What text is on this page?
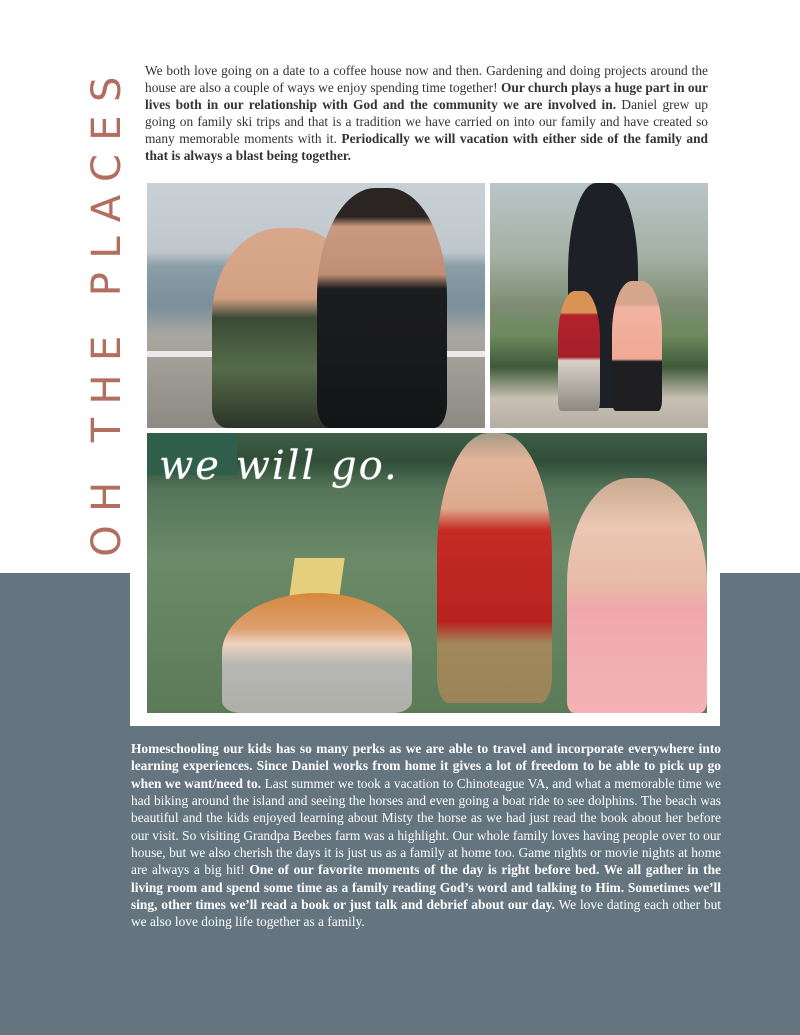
OH THE PLACES We both love going on a date to a coffee house now and then. Gardening and doing projects around the house are also a couple of ways we enjoy spending time together! Our church plays a huge part in our lives both in our relationship with God and the community we are involved in. Daniel grew up going on family ski trips and that is a tradition we have carried on into our family and have created so many memorable moments with it. Periodically we will vacation with either side of the family and that is always a blast being together.

we will go.

Homeschooling our kids has so many perks as we are able to travel and incorporate everywhere into learning experiences. Since Daniel works from home it gives a lot of freedom to be able to pick up go when we want/need to. Last summer we took a vacation to Chinoteague VA, and what a memorable time we had biking around the island and seeing the horses and even going a boat ride to see dolphins. The beach was beautiful and the kids enjoyed learning about Misty the horse as we had just read the book about her before our visit. So visiting Grandpa Beebes farm was a highlight. Our whole family loves having people over to our house, but we also cherish the days it is just us as a family at home too. Game nights or movie nights at home are always a big hit! One of our favorite moments of the day is right before bed. We all gather in the living room and spend some time as a family reading God’s word and talking to Him. Sometimes we’ll sing, other times we’ll read a book or just talk and debrief about our day. We love dating each other but we also love doing life together as a family.
